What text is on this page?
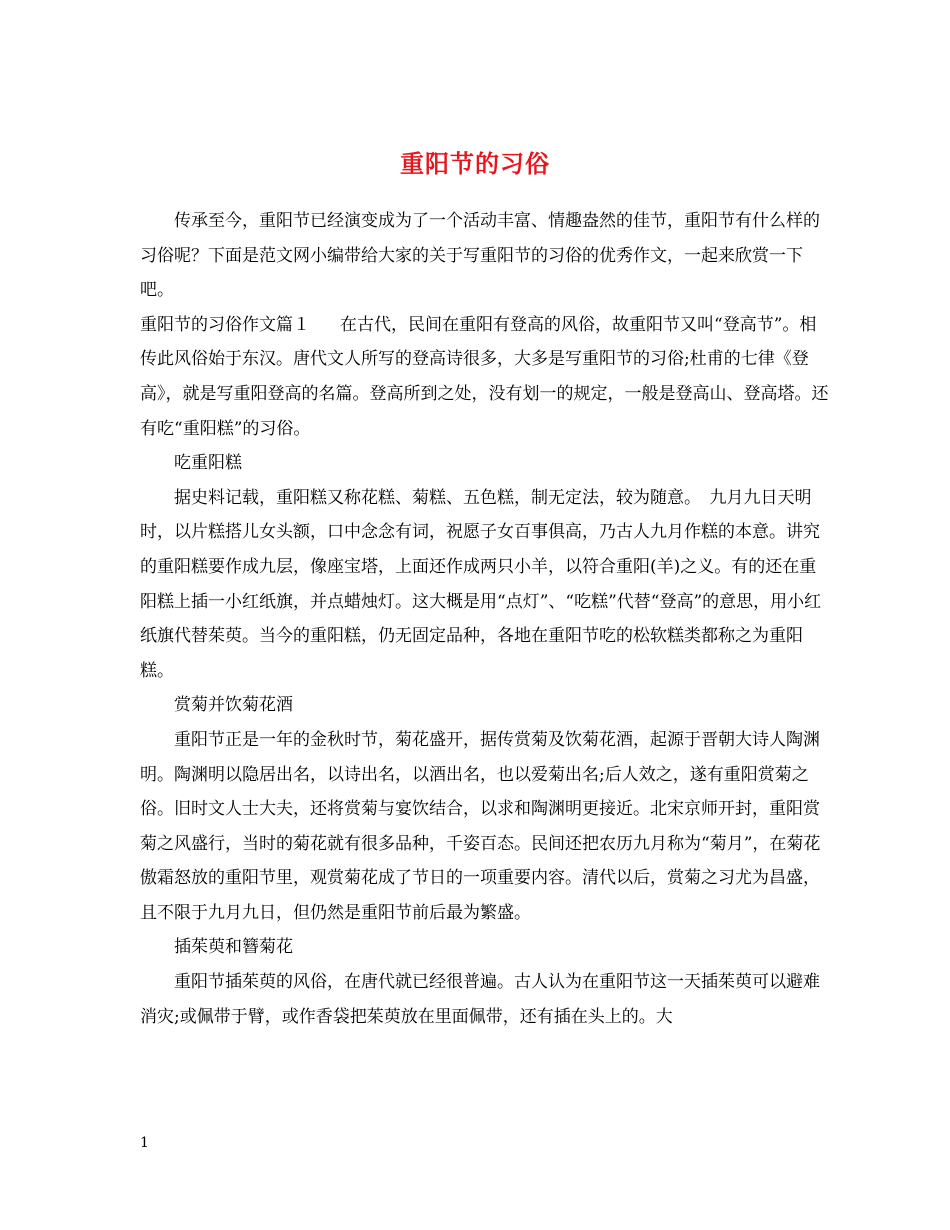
重阳节的习俗

传承至今，重阳节已经演变成为了一个活动丰富、情趣盎然的佳节，重阳节有什么样的习俗呢？下面是范文网小编带给大家的关于写重阳节的习俗的优秀作文，一起来欣赏一下吧。

重阳节的习俗作文篇１ 在古代，民间在重阳有登高的风俗，故重阳节又叫“登高节”。相传此风俗始于东汉。唐代文人所写的登高诗很多，大多是写重阳节的习俗;杜甫的七律《登高》，就是写重阳登高的名篇。登高所到之处，没有划一的规定，一般是登高山、登高塔。还有吃“重阳糕”的习俗。

吃重阳糕

据史料记载，重阳糕又称花糕、菊糕、五色糕，制无定法，较为随意。　九月九日天明时，以片糕搭儿女头额，口中念念有词，祝愿子女百事俱高，乃古人九月作糕的本意。讲究的重阳糕要作成九层，像座宝塔，上面还作成两只小羊，以符合重阳(羊)之义。有的还在重阳糕上插一小红纸旗，并点蜡烛灯。这大概是用“点灯”、“吃糕”代替“登高”的意思，用小红纸旗代替茱萸。当今的重阳糕，仍无固定品种，各地在重阳节吃的松软糕类都称之为重阳糕。

赏菊并饮菊花酒

重阳节正是一年的金秋时节，菊花盛开，据传赏菊及饮菊花酒，起源于晋朝大诗人陶渊明。陶渊明以隐居出名，以诗出名，以酒出名，也以爱菊出名;后人效之，遂有重阳赏菊之俗。旧时文人士大夫，还将赏菊与宴饮结合，以求和陶渊明更接近。北宋京师开封，重阳赏菊之风盛行，当时的菊花就有很多品种，千姿百态。民间还把农历九月称为“菊月”，在菊花傲霜怒放的重阳节里，观赏菊花成了节日的一项重要内容。清代以后，赏菊之习尤为昌盛，且不限于九月九日，但仍然是重阳节前后最为繁盛。

插茱萸和簪菊花

重阳节插茱萸的风俗，在唐代就已经很普遍。古人认为在重阳节这一天插茱萸可以避难消灾;或佩带于臂，或作香袋把茱萸放在里面佩带，还有插在头上的。大

1
